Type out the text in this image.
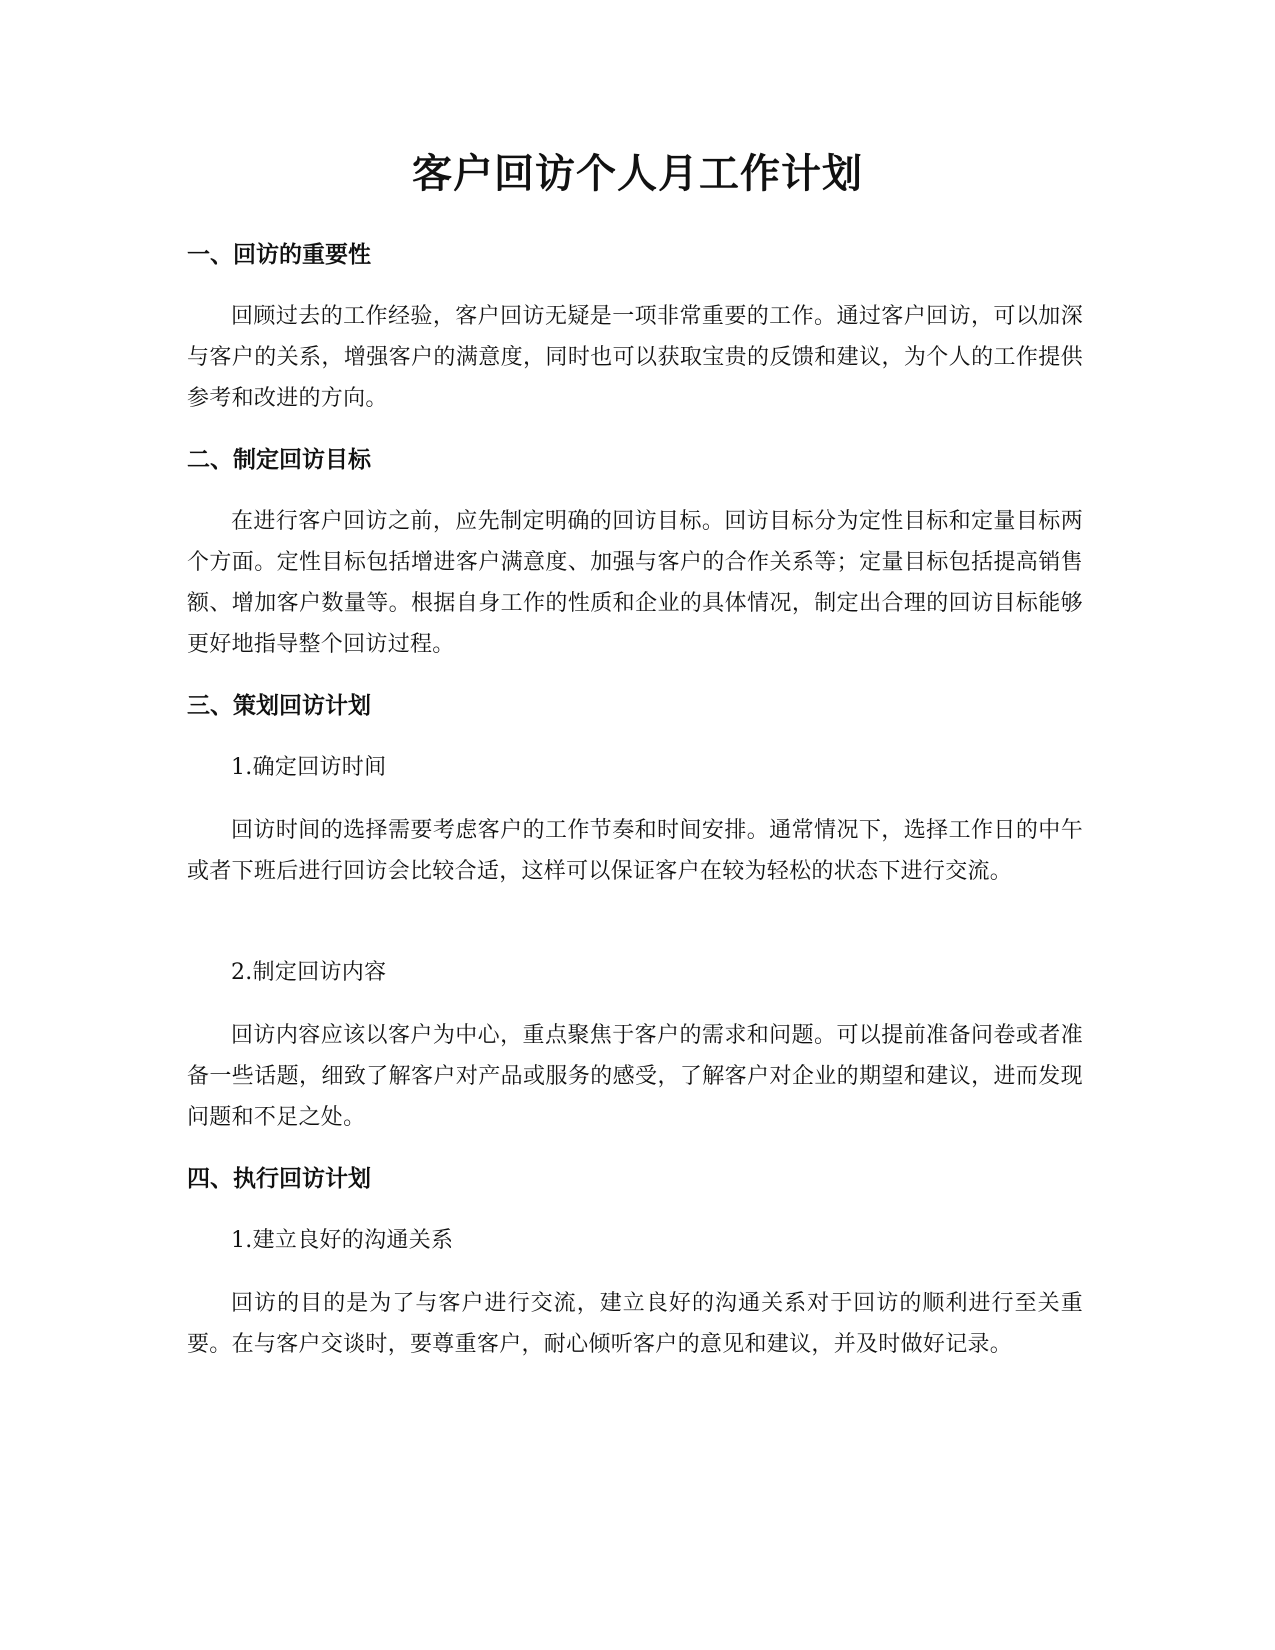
客户回访个人月工作计划
一、回访的重要性
回顾过去的工作经验，客户回访无疑是一项非常重要的工作。通过客户回访，可以加深与客户的关系，增强客户的满意度，同时也可以获取宝贵的反馈和建议，为个人的工作提供参考和改进的方向。
二、制定回访目标
在进行客户回访之前，应先制定明确的回访目标。回访目标分为定性目标和定量目标两个方面。定性目标包括增进客户满意度、加强与客户的合作关系等；定量目标包括提高销售额、增加客户数量等。根据自身工作的性质和企业的具体情况，制定出合理的回访目标能够更好地指导整个回访过程。
三、策划回访计划
1.确定回访时间
回访时间的选择需要考虑客户的工作节奏和时间安排。通常情况下，选择工作日的中午或者下班后进行回访会比较合适，这样可以保证客户在较为轻松的状态下进行交流。
2.制定回访内容
回访内容应该以客户为中心，重点聚焦于客户的需求和问题。可以提前准备问卷或者准备一些话题，细致了解客户对产品或服务的感受，了解客户对企业的期望和建议，进而发现问题和不足之处。
四、执行回访计划
1.建立良好的沟通关系
回访的目的是为了与客户进行交流，建立良好的沟通关系对于回访的顺利进行至关重要。在与客户交谈时，要尊重客户，耐心倾听客户的意见和建议，并及时做好记录。
